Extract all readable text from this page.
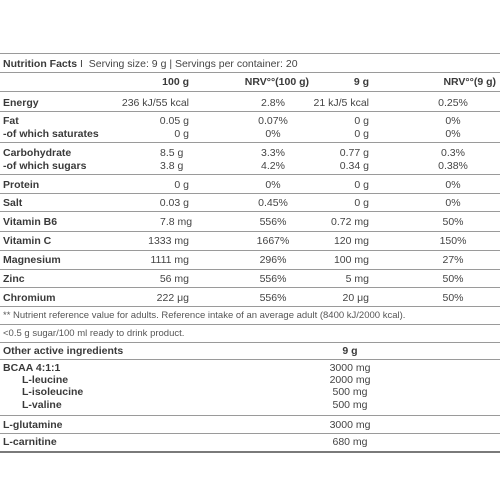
Nutrition Facts I Serving size: 9 g | Servings per container: 20
100 g	NRV°°(100 g)	9 g	NRV°°(9 g)
Energy	236 kJ/55 kcal	2.8%	21 kJ/5 kcal	0.25%
Fat	0.05 g	0.07%	0 g	0%
-of which saturates	0 g	0%	0 g	0%
Carbohydrate	8.5 g	3.3%	0.77 g	0.3%
-of which sugars	3.8 g	4.2%	0.34 g	0.38%
Protein	0 g	0%	0 g	0%
Salt	0.03 g	0.45%	0 g	0%
Vitamin B6	7.8 mg	556%	0.72 mg	50%
Vitamin C	1333 mg	1667%	120 mg	150%
Magnesium	1111 mg	296%	100 mg	27%
Zinc	56 mg	556%	5 mg	50%
Chromium	222 μg	556%	20 μg	50%
** Nutrient reference value for adults. Reference intake of an average adult (8400 kJ/2000 kcal).
<0.5 g sugar/100 ml ready to drink product.
Other active ingredients	9 g
BCAA 4:1:1	3000 mg
L-leucine	2000 mg
L-isoleucine	500 mg
L-valine	500 mg
L-glutamine	3000 mg
L-carnitine	680 mg
